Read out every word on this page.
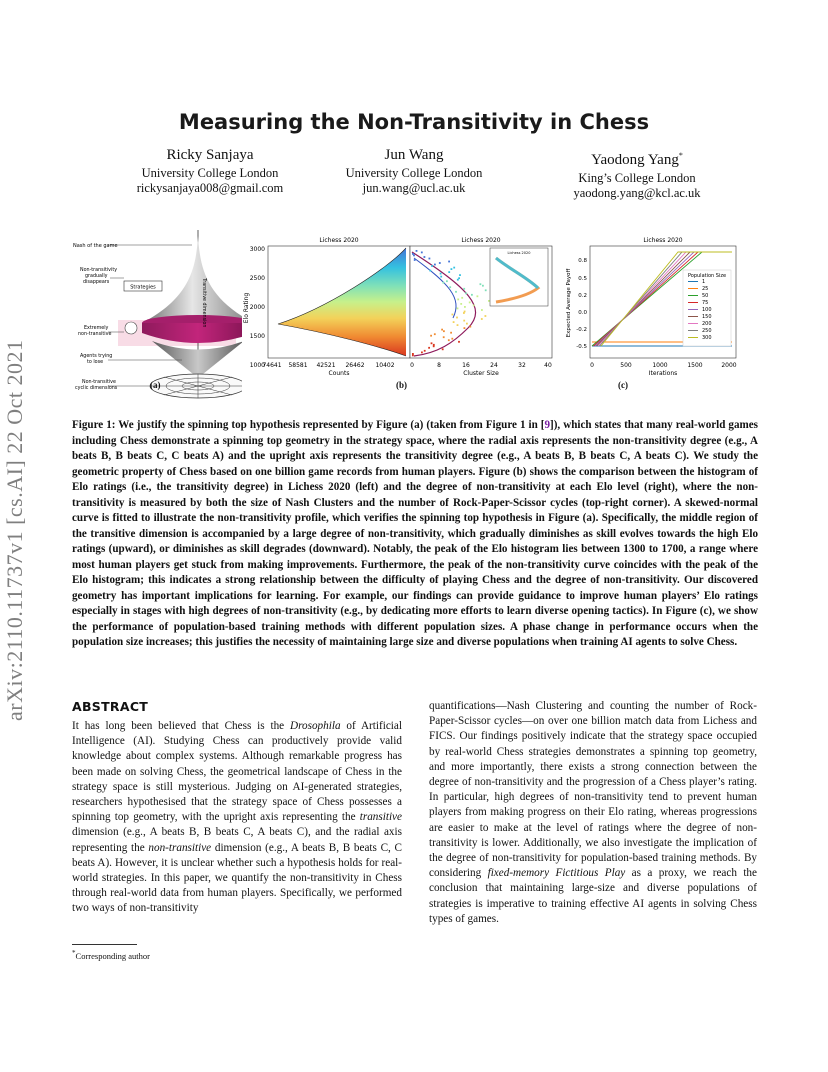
arXiv:2110.11737v1 [cs.AI] 22 Oct 2021
Measuring the Non-Transitivity in Chess
Ricky Sanjaya
University College London
rickysanjaya008@gmail.com
Jun Wang
University College London
jun.wang@ucl.ac.uk
Yaodong Yang*
King’s College London
yaodong.yang@kcl.ac.uk
Strategies
Nash of the game
Non-transitivity
gradually
disappears
Extremely
non-transitive
Agents trying
to lose
Non-transitive
cyclic dimensions
Transitive dimension
(a)
Lichess 2020
3000
2500
2000
1500
1000
Elo Rating
74641 58581 42521 26462 10402
Counts
Lichess 2020
Lichess 2020
0	8	16	24	32	40
Cluster Size
(b)
Lichess 2020
0.8
0.5
0.2
0.0
-0.2
-0.5
Expected Average Payoff	Population Size
1
25
50
75
100
150
200
250
300
0	500	1000	1500	2000
Iterations
(c)
Figure 1: We justify the spinning top hypothesis represented by Figure (a) (taken from Figure 1 in [9]), which states that many real-world games including Chess demonstrate a spinning top geometry in the strategy space, where the radial axis represents the non-transitivity degree (e.g., A beats B, B beats C, C beats A) and the upright axis represents the transitivity degree (e.g., A beats B, B beats C, A beats C). We study the geometric property of Chess based on one billion game records from human players. Figure (b) shows the comparison between the histogram of Elo ratings (i.e., the transitivity degree) in Lichess 2020 (left) and the degree of non-transitivity at each Elo level (right), where the non-transitivity is measured by both the size of Nash Clusters and the number of Rock-Paper-Scissor cycles (top-right corner). A skewed-normal curve is fitted to illustrate the non-transitivity profile, which verifies the spinning top hypothesis in Figure (a). Specifically, the middle region of the transitive dimension is accompanied by a large degree of non-transitivity, which gradually diminishes as skill evolves towards the high Elo ratings (upward), or diminishes as skill degrades (downward). Notably, the peak of the Elo histogram lies between 1300 to 1700, a range where most human players get stuck from making improvements. Furthermore, the peak of the non-transitivity curve coincides with the peak of the Elo histogram; this indicates a strong relationship between the difficulty of playing Chess and the degree of non-transitivity. Our discovered geometry has important implications for learning. For example, our findings can provide guidance to improve human players’ Elo ratings especially in stages with high degrees of non-transitivity (e.g., by dedicating more efforts to learn diverse opening tactics). In Figure (c), we show the performance of population-based training methods with different population sizes. A phase change in performance occurs when the population size increases; this justifies the necessity of maintaining large size and diverse populations when training AI agents to solve Chess.
ABSTRACT
It has long been believed that Chess is the Drosophila of Artificial Intelligence (AI). Studying Chess can productively provide valid knowledge about complex systems. Although remarkable progress has been made on solving Chess, the geometrical landscape of Chess in the strategy space is still mysterious. Judging on AI-generated strategies, researchers hypothesised that the strategy space of Chess possesses a spinning top geometry, with the upright axis representing the transitive dimension (e.g., A beats B, B beats C, A beats C), and the radial axis representing the non-transitive dimension (e.g., A beats B, B beats C, C beats A). However, it is unclear whether such a hypothesis holds for real-world strategies. In this paper, we quantify the non-transitivity in Chess through real-world data from human players. Specifically, we performed two ways of non-transitivity
quantifications—Nash Clustering and counting the number of Rock-Paper-Scissor cycles—on over one billion match data from Lichess and FICS. Our findings positively indicate that the strategy space occupied by real-world Chess strategies demonstrates a spinning top geometry, and more importantly, there exists a strong connection between the degree of non-transitivity and the progression of a Chess player’s rating. In particular, high degrees of non-transitivity tend to prevent human players from making progress on their Elo rating, whereas progressions are easier to make at the level of ratings where the degree of non-transitivity is lower. Additionally, we also investigate the implication of the degree of non-transitivity for population-based training methods. By considering fixed-memory Fictitious Play as a proxy, we reach the conclusion that maintaining large-size and diverse populations of strategies is imperative to training effective AI agents in solving Chess types of games.
*Corresponding author
